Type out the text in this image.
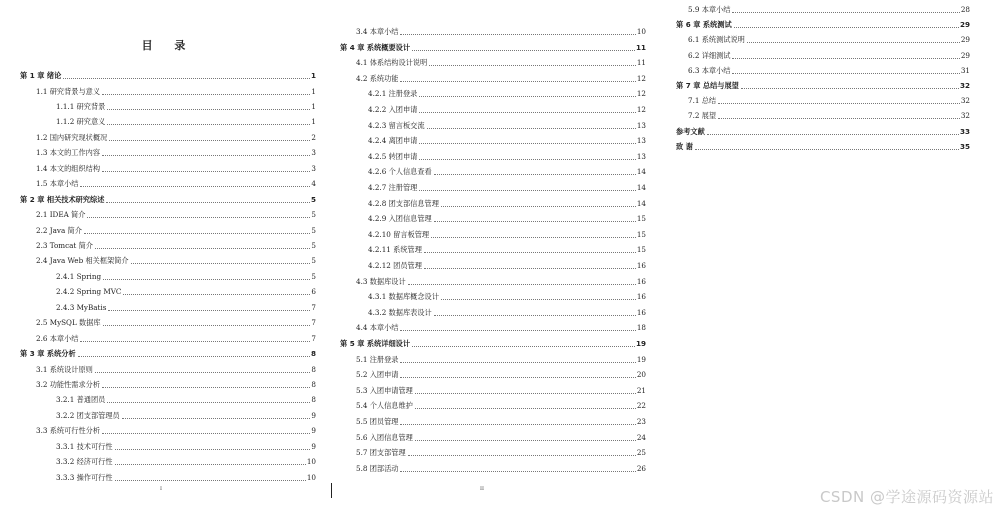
目 录
第 1 章 绪论	1
1.1 研究背景与意义	1
1.1.1 研究背景	1
1.1.2 研究意义	1
1.2 国内研究现状概况	2
1.3 本文的工作内容	3
1.4 本文的组织结构	3
1.5 本章小结	4
第 2 章 相关技术研究综述	5
2.1 IDEA 简介	5
2.2 Java 简介	5
2.3 Tomcat 简介	5
2.4 Java Web 相关框架简介	5
2.4.1 Spring	5
2.4.2 Spring MVC	6
2.4.3 MyBatis	7
2.5 MySQL 数据库	7
2.6 本章小结	7
第 3 章 系统分析	8
3.1 系统设计原则	8
3.2 功能性需求分析	8
3.2.1 普通团员	8
3.2.2 团支部管理员	9
3.3 系统可行性分析	9
3.3.1 技术可行性	9
3.3.2 经济可行性	10
3.3.3 操作可行性	10
3.4 本章小结	10
第 4 章 系统概要设计	11
4.1 体系结构设计说明	11
4.2 系统功能	12
4.2.1 注册登录	12
4.2.2 入团申请	12
4.2.3 留言板交流	13
4.2.4 离团申请	13
4.2.5 转团申请	13
4.2.6 个人信息查看	14
4.2.7 注册管理	14
4.2.8 团支部信息管理	14
4.2.9 入团信息管理	15
4.2.10 留言板管理	15
4.2.11 系统管理	15
4.2.12 团员管理	16
4.3 数据库设计	16
4.3.1 数据库概念设计	16
4.3.2 数据库表设计	16
4.4 本章小结	18
第 5 章 系统详细设计	19
5.1 注册登录	19
5.2 入团申请	20
5.3 入团申请管理	21
5.4 个人信息维护	22
5.5 团员管理	23
5.6 入团信息管理	24
5.7 团支部管理	25
5.8 团部活动	26
5.9 本章小结	28
第 6 章 系统测试	29
6.1 系统测试说明	29
6.2 详细测试	29
6.3 本章小结	31
第 7 章 总结与展望	32
7.1 总结	32
7.2 展望	32
参考文献	33
致 谢	35
I	II	CSDN @学途源码资源站
